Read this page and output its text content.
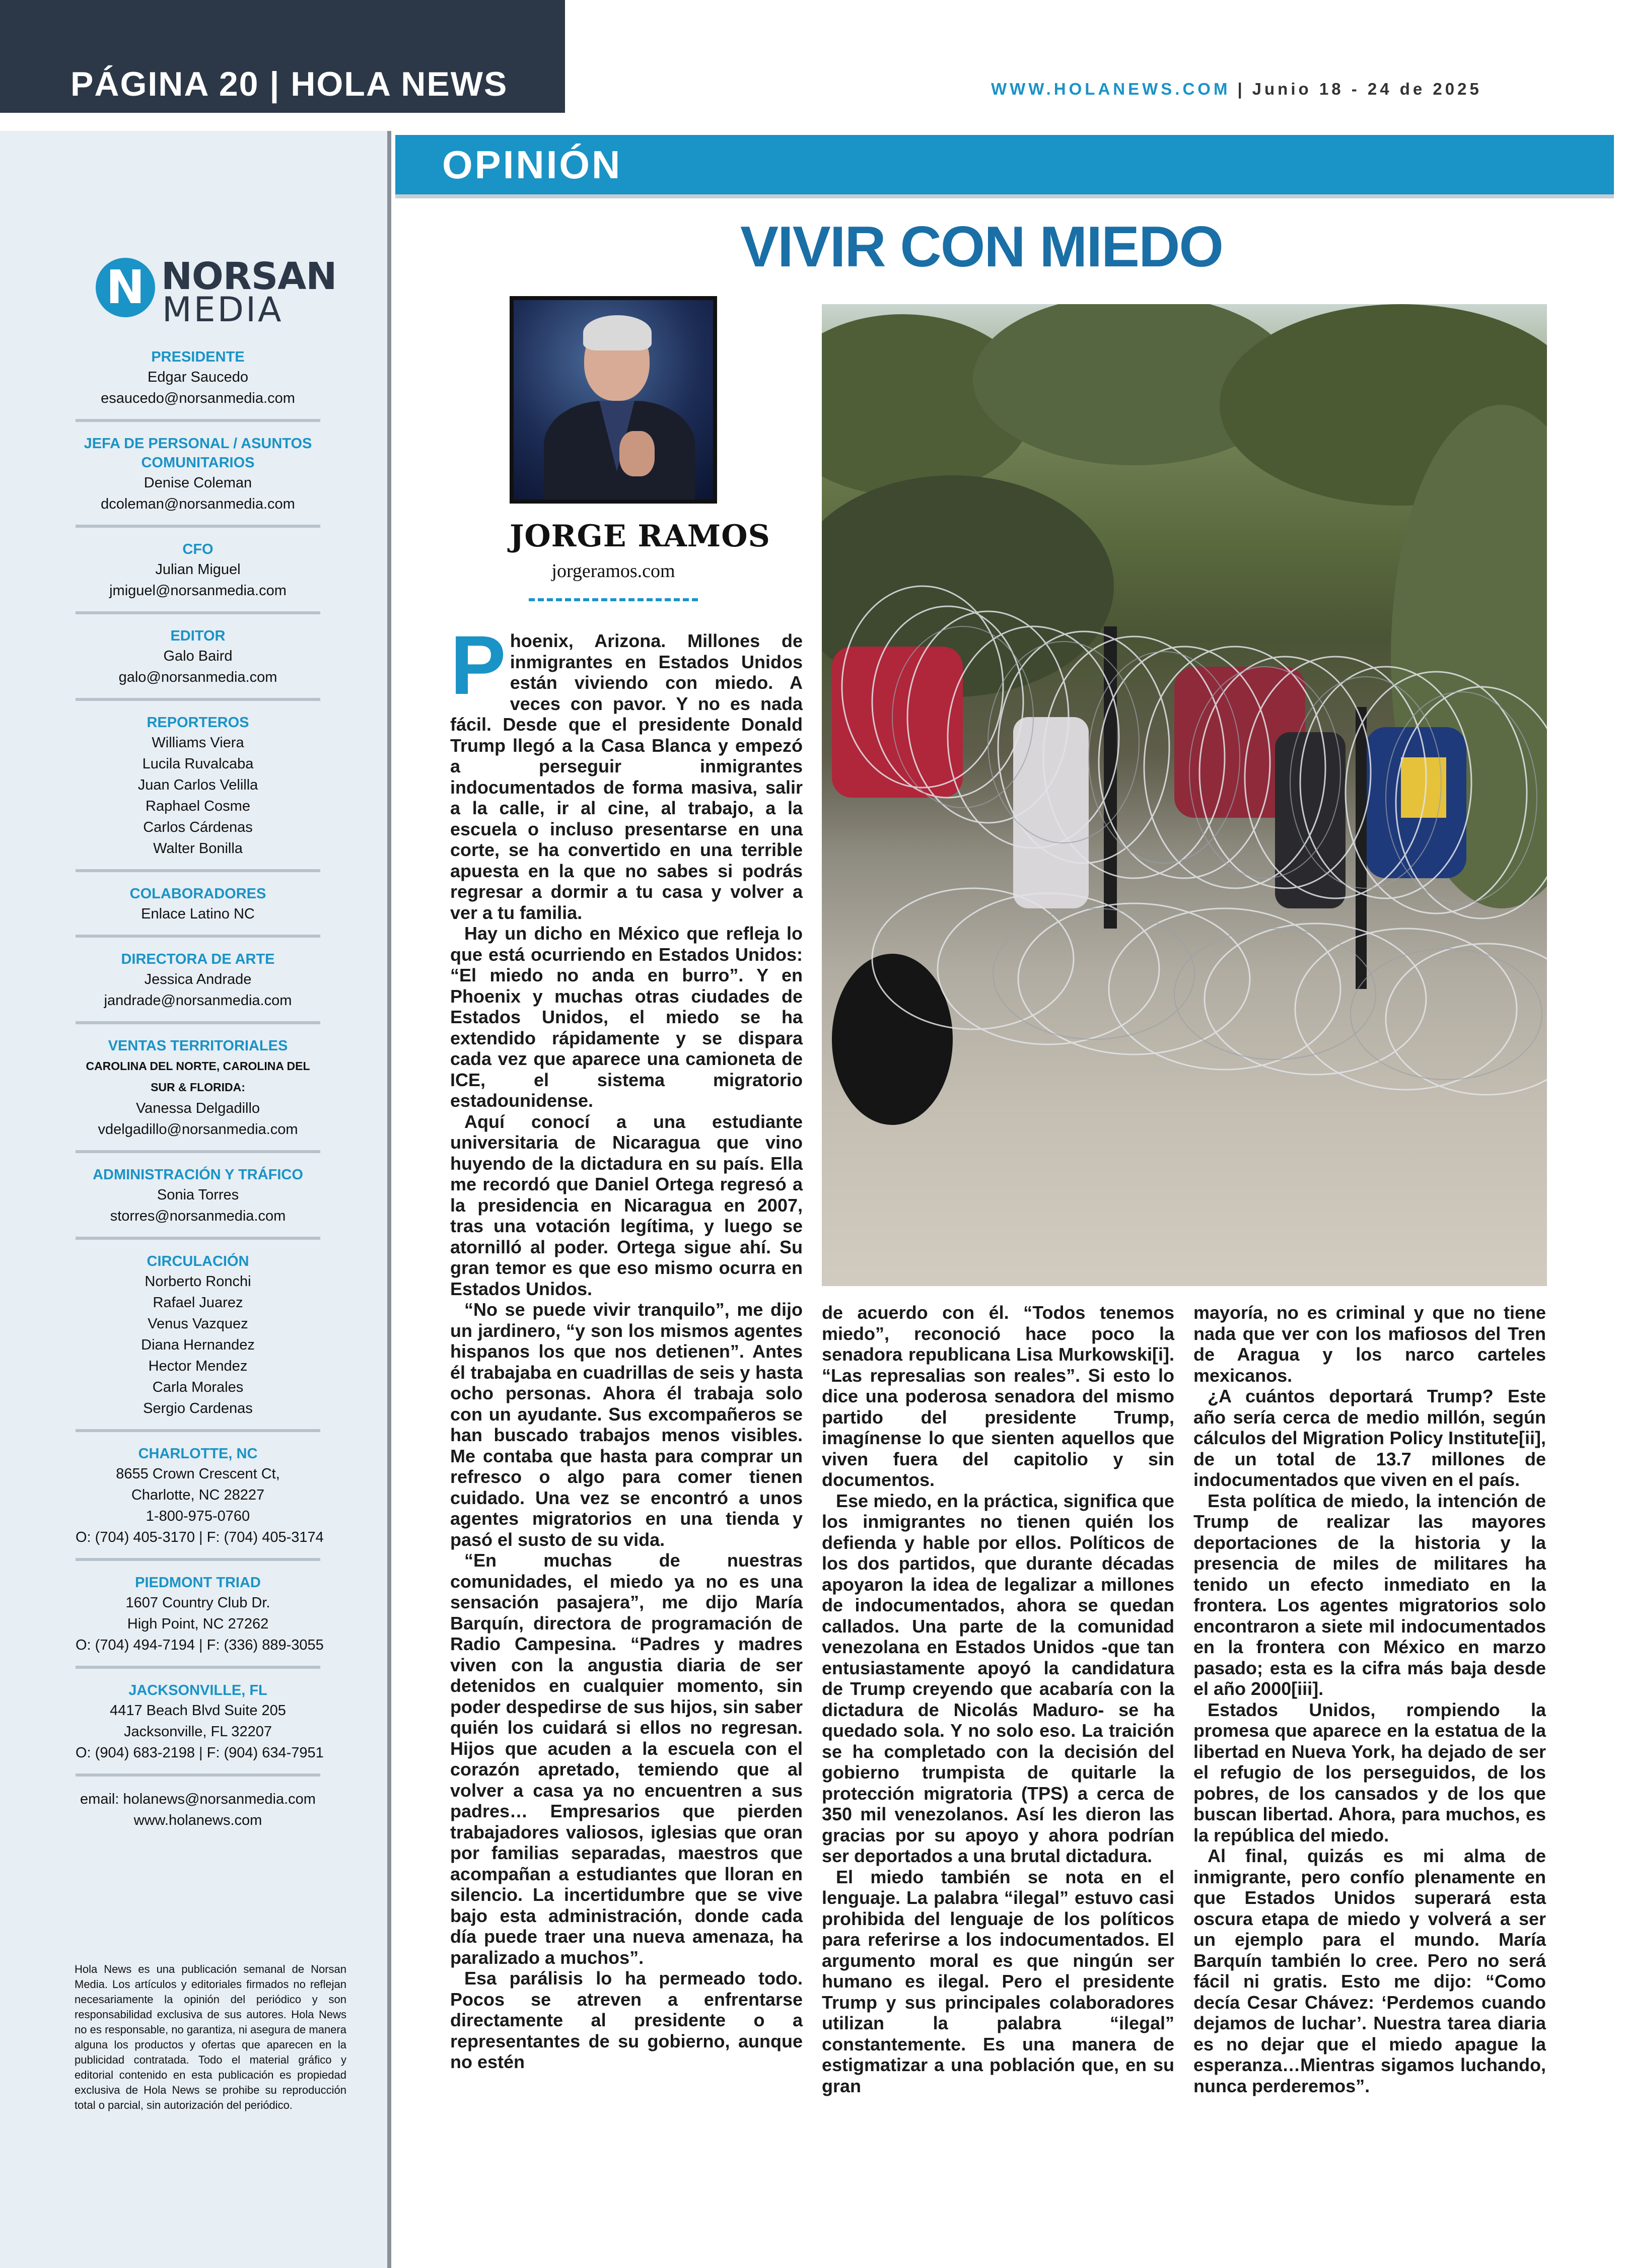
PÁGINA 20 | HOLA NEWS	WWW.HOLANEWS.COM | Junio 18 - 24 de 2025
N NORSAN
MEDIA
PRESIDENTE
Edgar Saucedo
esaucedo@norsanmedia.com
JEFA DE PERSONAL / ASUNTOS COMUNITARIOS
Denise Coleman
dcoleman@norsanmedia.com
CFO
Julian Miguel
jmiguel@norsanmedia.com
EDITOR
Galo Baird
galo@norsanmedia.com
REPORTEROS
Williams Viera
Lucila Ruvalcaba
Juan Carlos Velilla
Raphael Cosme
Carlos Cárdenas
Walter Bonilla
COLABORADORES
Enlace Latino NC
DIRECTORA DE ARTE
Jessica Andrade
jandrade@norsanmedia.com
VENTAS TERRITORIALES
CAROLINA DEL NORTE, CAROLINA DEL SUR & FLORIDA:
Vanessa Delgadillo
vdelgadillo@norsanmedia.com
ADMINISTRACIÓN Y TRÁFICO
Sonia Torres
storres@norsanmedia.com
CIRCULACIÓN
Norberto Ronchi
Rafael Juarez
Venus Vazquez
Diana Hernandez
Hector Mendez
Carla Morales
Sergio Cardenas
CHARLOTTE, NC
8655 Crown Crescent Ct,
Charlotte, NC 28227
1-800-975-0760
O: (704) 405-3170 | F: (704) 405-3174
PIEDMONT TRIAD
1607 Country Club Dr.
High Point, NC 27262
O: (704) 494-7194 | F: (336) 889-3055
JACKSONVILLE, FL
4417 Beach Blvd Suite 205
Jacksonville, FL 32207
O: (904) 683-2198 | F: (904) 634-7951
email: holanews@norsanmedia.com
www.holanews.com
Hola News es una publicación semanal de Norsan Media. Los artículos y editoriales firmados no reflejan necesariamente la opinión del periódico y son responsabilidad exclusiva de sus autores. Hola News no es responsable, no garantiza, ni asegura de manera alguna los productos y ofertas que aparecen en la publicidad contratada. Todo el material gráfico y editorial contenido en esta publicación es propiedad exclusiva de Hola News se prohibe su reproducción total o parcial, sin autorización del periódico.
OPINIÓN
VIVIR CON MIEDO
JORGE RAMOS
jorgeramos.com
P hoenix, Arizona. Millones de inmigrantes en Estados Unidos están viviendo con miedo. A veces con pavor. Y no es nada fácil. Desde que el presidente Donald Trump llegó a la Casa Blanca y empezó a perseguir inmigrantes indocumentados de forma masiva, salir a la calle, ir al cine, al trabajo, a la escuela o incluso presentarse en una corte, se ha convertido en una terrible apuesta en la que no sabes si podrás regresar a dormir a tu casa y volver a ver a tu familia.

Hay un dicho en México que refleja lo que está ocurriendo en Estados Unidos: “El miedo no anda en burro”. Y en Phoenix y muchas otras ciudades de Estados Unidos, el miedo se ha extendido rápidamente y se dispara cada vez que aparece una camioneta de ICE, el sistema migratorio estadounidense.

Aquí conocí a una estudiante universitaria de Nicaragua que vino huyendo de la dictadura en su país. Ella me recordó que Daniel Ortega regresó a la presidencia en Nicaragua en 2007, tras una votación legítima, y luego se atornilló al poder. Ortega sigue ahí. Su gran temor es que eso mismo ocurra en Estados Unidos.

“No se puede vivir tranquilo”, me dijo un jardinero, “y son los mismos agentes hispanos los que nos detienen”. Antes él trabajaba en cuadrillas de seis y hasta ocho personas. Ahora él trabaja solo con un ayudante. Sus excompañeros se han buscado trabajos menos visibles. Me contaba que hasta para comprar un refresco o algo para comer tienen cuidado. Una vez se encontró a unos agentes migratorios en una tienda y pasó el susto de su vida.

“En muchas de nuestras comunidades, el miedo ya no es una sensación pasajera”, me dijo María Barquín, directora de programación de Radio Campesina. “Padres y madres viven con la angustia diaria de ser detenidos en cualquier momento, sin poder despedirse de sus hijos, sin saber quién los cuidará si ellos no regresan. Hijos que acuden a la escuela con el corazón apretado, temiendo que al volver a casa ya no encuentren a sus padres… Empresarios que pierden trabajadores valiosos, iglesias que oran por familias separadas, maestros que acompañan a estudiantes que lloran en silencio. La incertidumbre que se vive bajo esta administración, donde cada día puede traer una nueva amenaza, ha paralizado a muchos”.

Esa parálisis lo ha permeado todo. Pocos se atreven a enfrentarse directamente al presidente o a representantes de su gobierno, aunque no estén

de acuerdo con él. “Todos tenemos miedo”, reconoció hace poco la senadora republicana Lisa Murkowski[i]. “Las represalias son reales”. Si esto lo dice una poderosa senadora del mismo partido del presidente Trump, imagínense lo que sienten aquellos que viven fuera del capitolio y sin documentos.

Ese miedo, en la práctica, significa que los inmigrantes no tienen quién los defienda y hable por ellos. Políticos de los dos partidos, que durante décadas apoyaron la idea de legalizar a millones de indocumentados, ahora se quedan callados. Una parte de la comunidad venezolana en Estados Unidos -que tan entusiastamente apoyó la candidatura de Trump creyendo que acabaría con la dictadura de Nicolás Maduro- se ha quedado sola. Y no solo eso. La traición se ha completado con la decisión del gobierno trumpista de quitarle la protección migratoria (TPS) a cerca de 350 mil venezolanos. Así les dieron las gracias por su apoyo y ahora podrían ser deportados a una brutal dictadura.

El miedo también se nota en el lenguaje. La palabra “ilegal” estuvo casi prohibida del lenguaje de los políticos para referirse a los indocumentados. El argumento moral es que ningún ser humano es ilegal. Pero el presidente Trump y sus principales colaboradores utilizan la palabra “ilegal” constantemente. Es una manera de estigmatizar a una población que, en su gran

mayoría, no es criminal y que no tiene nada que ver con los mafiosos del Tren de Aragua y los narco carteles mexicanos.

¿A cuántos deportará Trump? Este año sería cerca de medio millón, según cálculos del Migration Policy Institute[ii], de un total de 13.7 millones de indocumentados que viven en el país.

Esta política de miedo, la intención de Trump de realizar las mayores deportaciones de la historia y la presencia de miles de militares ha tenido un efecto inmediato en la frontera. Los agentes migratorios solo encontraron a siete mil indocumentados en la frontera con México en marzo pasado; esta es la cifra más baja desde el año 2000[iii].

Estados Unidos, rompiendo la promesa que aparece en la estatua de la libertad en Nueva York, ha dejado de ser el refugio de los perseguidos, de los pobres, de los cansados y de los que buscan libertad. Ahora, para muchos, es la república del miedo.

Al final, quizás es mi alma de inmigrante, pero confío plenamente en que Estados Unidos superará esta oscura etapa de miedo y volverá a ser un ejemplo para el mundo. María Barquín también lo cree. Pero no será fácil ni gratis. Esto me dijo: “Como decía Cesar Chávez: ‘Perdemos cuando dejamos de luchar’. Nuestra tarea diaria es no dejar que el miedo apague la esperanza…Mientras sigamos luchando, nunca perderemos”.
